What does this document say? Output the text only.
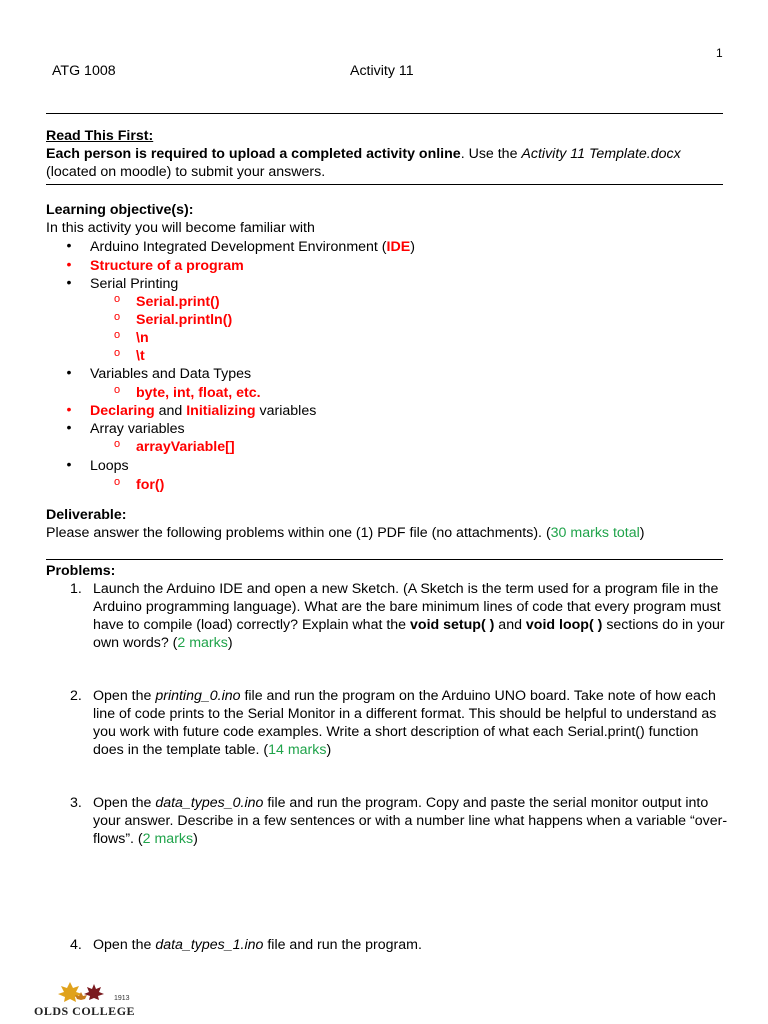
1
ATG 1008	Activity 11
Read This First:
Each person is required to upload a completed activity online. Use the Activity 11 Template.docx
(located on moodle) to submit your answers.
Learning objective(s):
In this activity you will become familiar with
• Arduino Integrated Development Environment (IDE)
• Structure of a program
• Serial Printing
o Serial.print()
o Serial.println()
o \n
o \t
• Variables and Data Types
o byte, int, float, etc.
• Declaring and Initializing variables
• Array variables
o arrayVariable[]
• Loops
o for()
Deliverable:
Please answer the following problems within one (1) PDF file (no attachments). (30 marks total)
Problems:
1. Launch the Arduino IDE and open a new Sketch. (A Sketch is the term used for a program file in the Arduino programming language). What are the bare minimum lines of code that every program must have to compile (load) correctly? Explain what the void setup( ) and void loop( ) sections do in your own words? (2 marks)
2. Open the printing_0.ino file and run the program on the Arduino UNO board. Take note of how each line of code prints to the Serial Monitor in a different format. This should be helpful to understand as you work with future code examples. Write a short description of what each Serial.print() function does in the template table. (14 marks)
3. Open the data_types_0.ino file and run the program. Copy and paste the serial monitor output into your answer. Describe in a few sentences or with a number line what happens when a variable “over-flows”. (2 marks)
4. Open the data_types_1.ino file and run the program.
1913
OLDS COLLEGE
